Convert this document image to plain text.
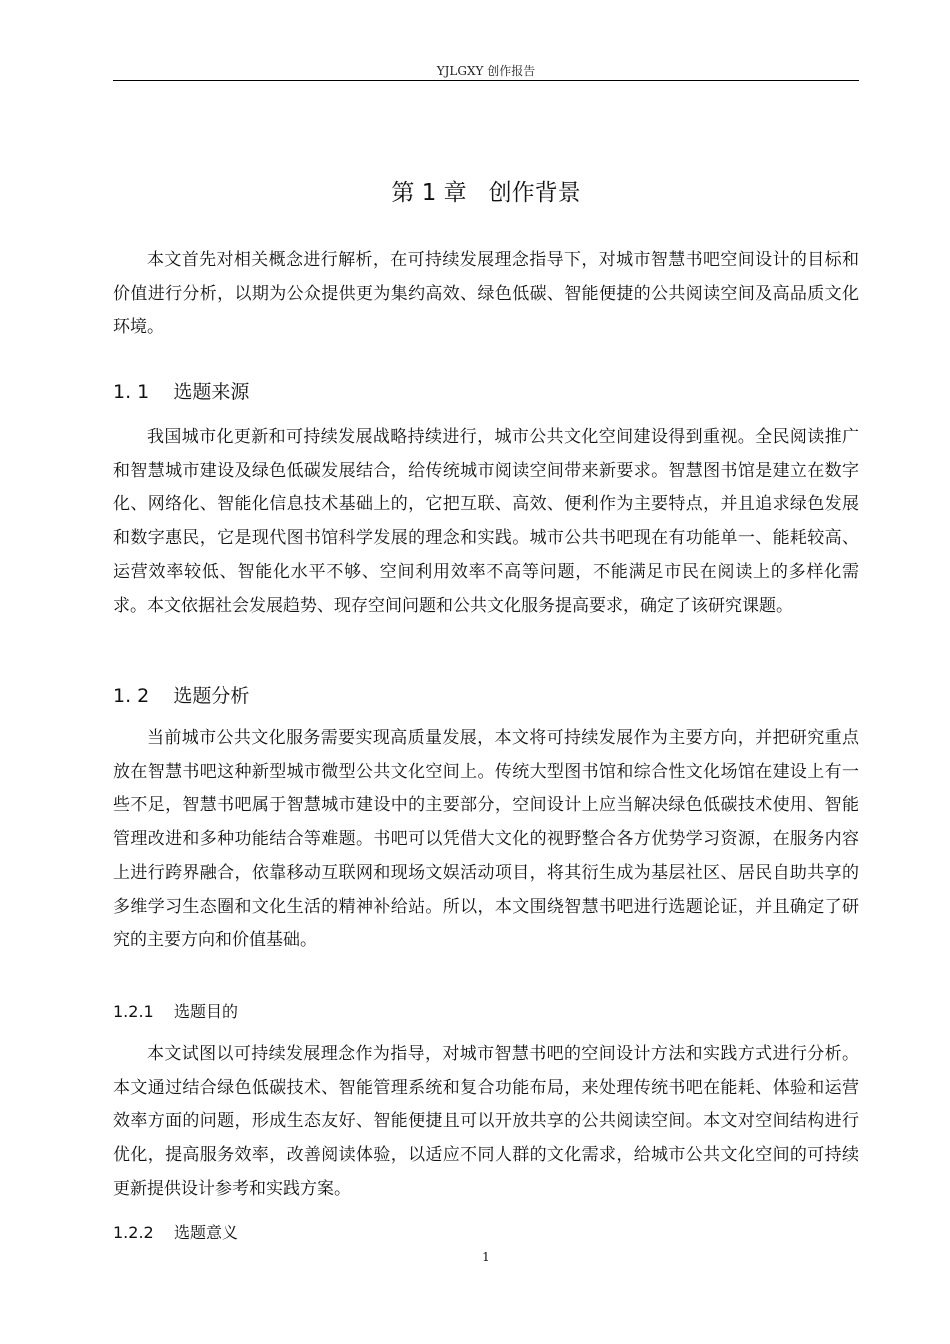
YJLGXY 创作报告
第 1 章   创作背景

本文首先对相关概念进行解析，在可持续发展理念指导下，对城市智慧书吧空间设计的目标和价值进行分析，以期为公众提供更为集约高效、绿色低碳、智能便捷的公共阅读空间及高品质文化环境。

1. 1    选题来源

我国城市化更新和可持续发展战略持续进行，城市公共文化空间建设得到重视。全民阅读推广和智慧城市建设及绿色低碳发展结合，给传统城市阅读空间带来新要求。智慧图书馆是建立在数字化、网络化、智能化信息技术基础上的，它把互联、高效、便利作为主要特点，并且追求绿色发展和数字惠民，它是现代图书馆科学发展的理念和实践。城市公共书吧现在有功能单一、能耗较高、运营效率较低、智能化水平不够、空间利用效率不高等问题，不能满足市民在阅读上的多样化需求。本文依据社会发展趋势、现存空间问题和公共文化服务提高要求，确定了该研究课题。

1. 2    选题分析

当前城市公共文化服务需要实现高质量发展，本文将可持续发展作为主要方向，并把研究重点放在智慧书吧这种新型城市微型公共文化空间上。传统大型图书馆和综合性文化场馆在建设上有一些不足，智慧书吧属于智慧城市建设中的主要部分，空间设计上应当解决绿色低碳技术使用、智能管理改进和多种功能结合等难题。书吧可以凭借大文化的视野整合各方优势学习资源，在服务内容上进行跨界融合，依靠移动互联网和现场文娱活动项目，将其衍生成为基层社区、居民自助共享的多维学习生态圈和文化生活的精神补给站。所以，本文围绕智慧书吧进行选题论证，并且确定了研究的主要方向和价值基础。

1.2.1    选题目的

本文试图以可持续发展理念作为指导，对城市智慧书吧的空间设计方法和实践方式进行分析。本文通过结合绿色低碳技术、智能管理系统和复合功能布局，来处理传统书吧在能耗、体验和运营效率方面的问题，形成生态友好、智能便捷且可以开放共享的公共阅读空间。本文对空间结构进行优化，提高服务效率，改善阅读体验，以适应不同人群的文化需求，给城市公共文化空间的可持续更新提供设计参考和实践方案。

1.2.2    选题意义
1
